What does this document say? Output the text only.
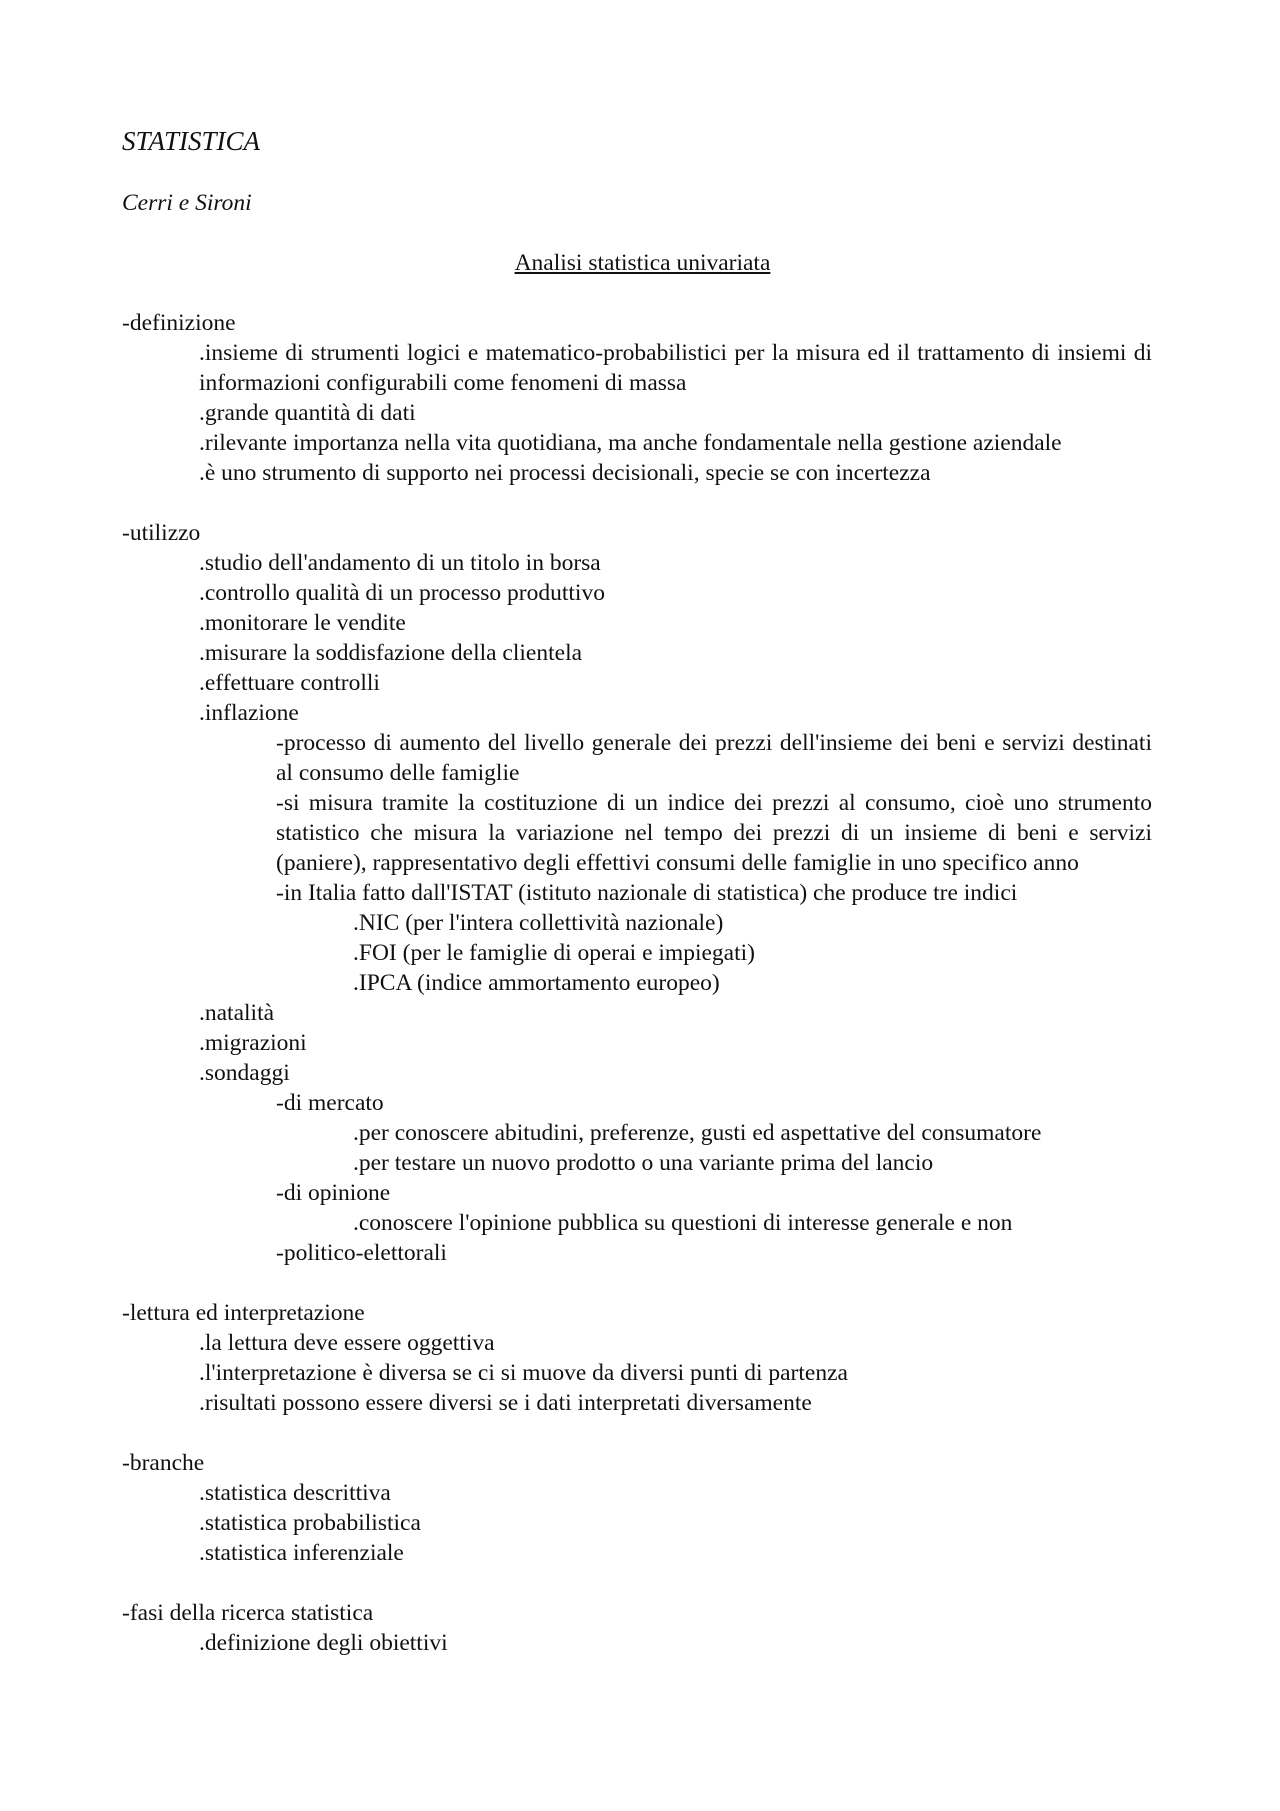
STATISTICA
Cerri e Sironi
Analisi statistica univariata

-definizione

.insieme di strumenti logici e matematico-probabilistici per la misura ed il trattamento di insiemi di informazioni configurabili come fenomeni di massa

.grande quantità di dati

.rilevante importanza nella vita quotidiana, ma anche fondamentale nella gestione aziendale

.è uno strumento di supporto nei processi decisionali, specie se con incertezza

-utilizzo

.studio dell'andamento di un titolo in borsa

.controllo qualità di un processo produttivo

.monitorare le vendite

.misurare la soddisfazione della clientela

.effettuare controlli

.inflazione

-processo di aumento del livello generale dei prezzi dell'insieme dei beni e servizi destinati al consumo delle famiglie

-si misura tramite la costituzione di un indice dei prezzi al consumo, cioè uno strumento statistico che misura la variazione nel tempo dei prezzi di un insieme di beni e servizi (paniere), rappresentativo degli effettivi consumi delle famiglie in uno specifico anno

-in Italia fatto dall'ISTAT (istituto nazionale di statistica) che produce tre indici

.NIC (per l'intera collettività nazionale)

.FOI (per le famiglie di operai e impiegati)

.IPCA (indice ammortamento europeo)

.natalità

.migrazioni

.sondaggi

-di mercato

.per conoscere abitudini, preferenze, gusti ed aspettative del consumatore

.per testare un nuovo prodotto o una variante prima del lancio

-di opinione

.conoscere l'opinione pubblica su questioni di interesse generale e non

-politico-elettorali

-lettura ed interpretazione

.la lettura deve essere oggettiva

.l'interpretazione è diversa se ci si muove da diversi punti di partenza

.risultati possono essere diversi se i dati interpretati diversamente

-branche

.statistica descrittiva

.statistica probabilistica

.statistica inferenziale

-fasi della ricerca statistica

.definizione degli obiettivi
